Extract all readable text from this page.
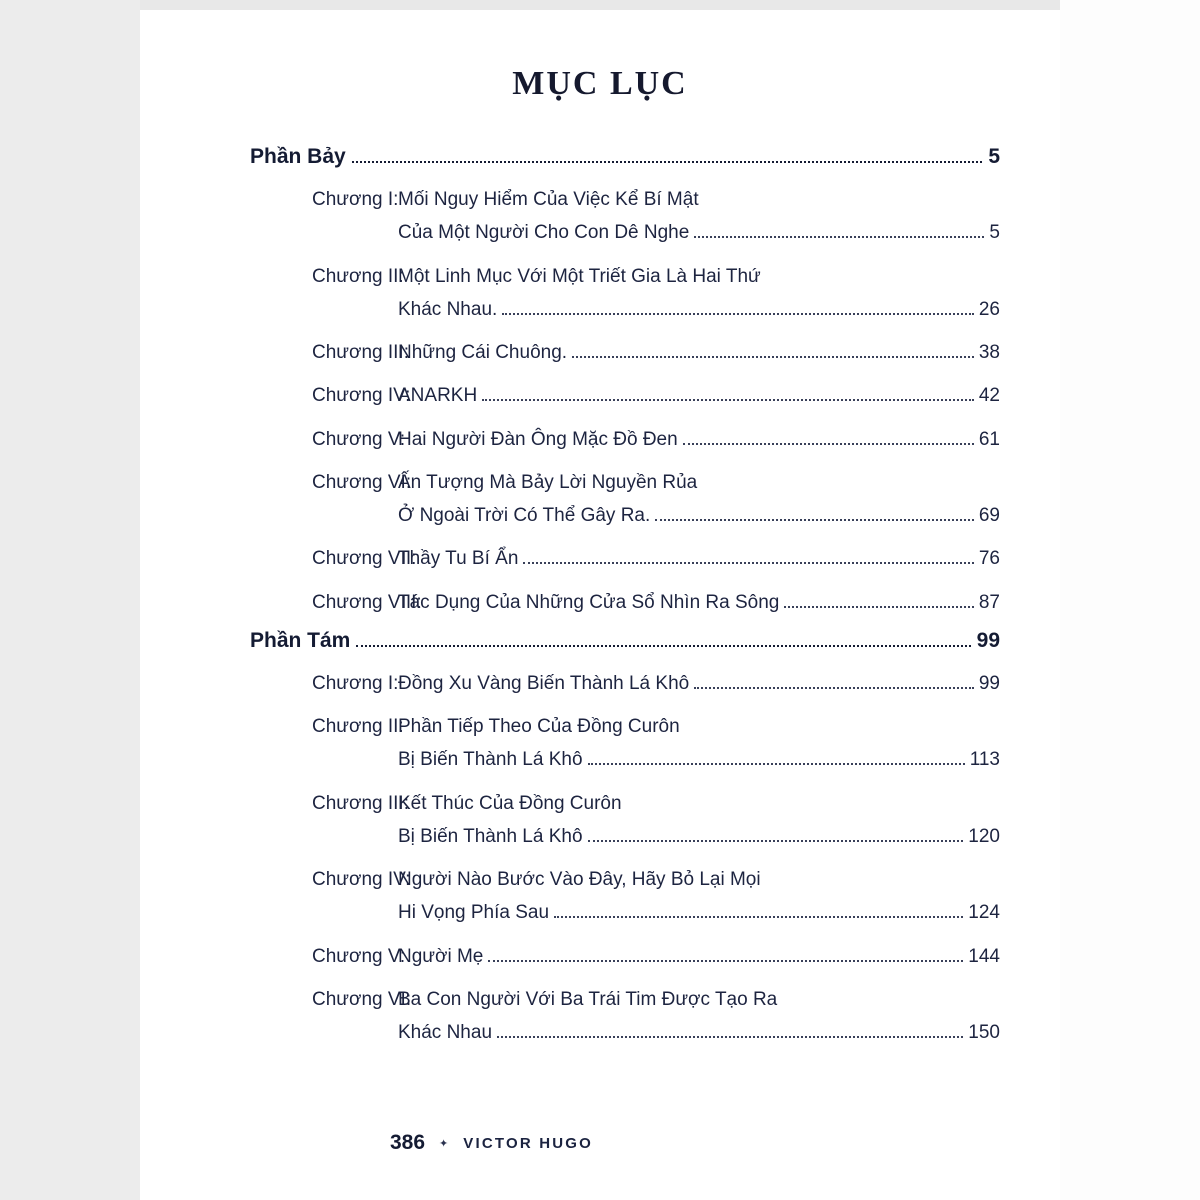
MỤC LỤC
Phần Bảy	5
Chương I: Mối Nguy Hiểm Của Việc Kể Bí Mật
Của Một Người Cho Con Dê Nghe	5
Chương II:
Một Linh Mục Với Một Triết Gia Là Hai Thứ
Khác Nhau.	26
Chương III:
Những Cái Chuông.	38
Chương IV:
ANARKH	42
Chương V:
Hai Người Đàn Ông Mặc Đồ Đen	61
Chương VI:
Ấn Tượng Mà Bảy Lời Nguyền Rủa
Ở Ngoài Trời Có Thể Gây Ra.	69
Chương VII:
Thầy Tu Bí Ẩn	76
Chương VIII:
Tác Dụng Của Những Cửa Sổ Nhìn Ra Sông	87
Phần Tám	99
Chương I: Đồng Xu Vàng Biến Thành Lá Khô	99
Chương II:
Phần Tiếp Theo Của Đồng Curôn
Bị Biến Thành Lá Khô	113
Chương III:
Kết Thúc Của Đồng Curôn
Bị Biến Thành Lá Khô	120
Chương IV:
Người Nào Bước Vào Đây, Hãy Bỏ Lại Mọi
Hi Vọng Phía Sau	124
Chương V:
Người Mẹ	144
Chương VI:
Ba Con Người Với Ba Trái Tim Được Tạo Ra
Khác Nhau	150
386 ✦ VICTOR HUGO
